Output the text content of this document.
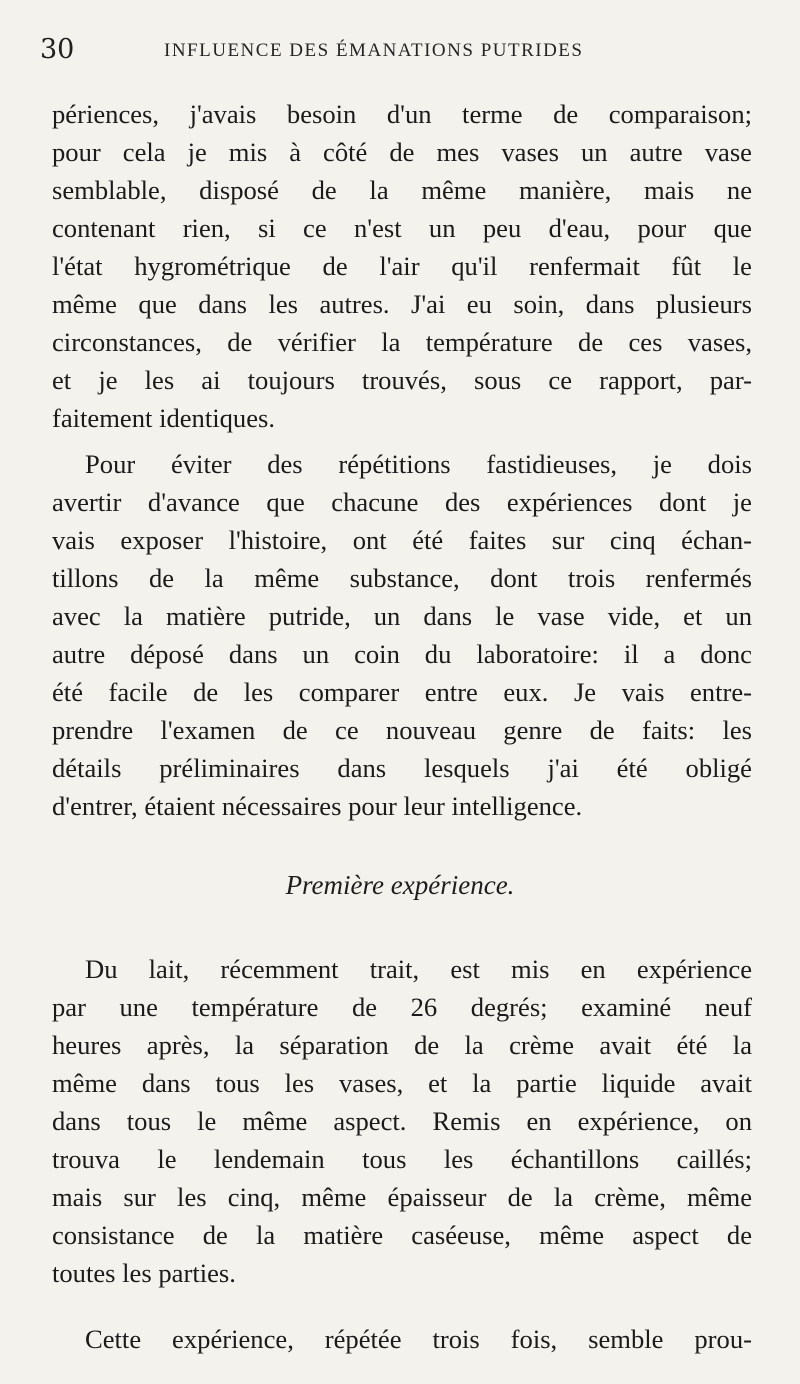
30	INFLUENCE DES ÉMANATIONS PUTRIDES
périences, j'avais besoin d'un terme de comparaison;
pour cela je mis à côté de mes vases un autre vase
semblable, disposé de la même manière, mais ne
contenant rien, si ce n'est un peu d'eau, pour que
l'état hygrométrique de l'air qu'il renfermait fût le
même que dans les autres. J'ai eu soin, dans plusieurs
circonstances, de vérifier la température de ces vases,
et je les ai toujours trouvés, sous ce rapport, par-
faitement identiques.
Pour éviter des répétitions fastidieuses, je dois
avertir d'avance que chacune des expériences dont je
vais exposer l'histoire, ont été faites sur cinq échan-
tillons de la même substance, dont trois renfermés
avec la matière putride, un dans le vase vide, et un
autre déposé dans un coin du laboratoire: il a donc
été facile de les comparer entre eux. Je vais entre-
prendre l'examen de ce nouveau genre de faits: les
détails préliminaires dans lesquels j'ai été obligé
d'entrer, étaient nécessaires pour leur intelligence.
Première expérience.
Du lait, récemment trait, est mis en expérience
par une température de 26 degrés; examiné neuf
heures après, la séparation de la crème avait été la
même dans tous les vases, et la partie liquide avait
dans tous le même aspect. Remis en expérience, on
trouva le lendemain tous les échantillons caillés;
mais sur les cinq, même épaisseur de la crème, même
consistance de la matière caséeuse, même aspect de
toutes les parties.
Cette expérience, répétée trois fois, semble prou-
